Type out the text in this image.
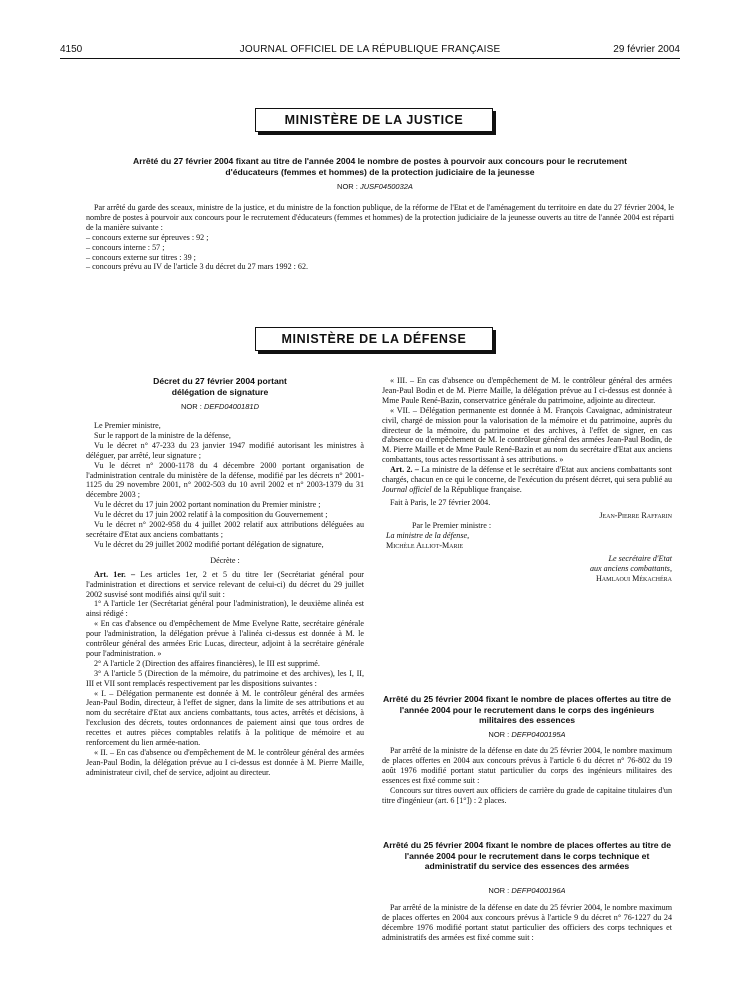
4150	JOURNAL OFFICIEL DE LA RÉPUBLIQUE FRANÇAISE	29 février 2004
MINISTÈRE DE LA JUSTICE
Arrêté du 27 février 2004 fixant au titre de l'année 2004 le nombre de postes à pourvoir aux concours pour le recrutement d'éducateurs (femmes et hommes) de la protection judiciaire de la jeunesse
NOR : JUSF0450032A

Par arrêté du garde des sceaux, ministre de la justice, et du ministre de la fonction publique, de la réforme de l'Etat et de l'aménagement du territoire en date du 27 février 2004, le nombre de postes à pourvoir aux concours pour le recrutement d'éducateurs (femmes et hommes) de la protection judiciaire de la jeunesse ouverts au titre de l'année 2004 est réparti de la manière suivante :

– concours externe sur épreuves : 92 ;

– concours interne : 57 ;

– concours externe sur titres : 39 ;

– concours prévu au IV de l'article 3 du décret du 27 mars 1992 : 62.

MINISTÈRE DE LA DÉFENSE
Décret du 27 février 2004 portant délégation de signature
NOR : DEFD0400181D

Le Premier ministre,

Sur le rapport de la ministre de la défense,

Vu le décret n° 47-233 du 23 janvier 1947 modifié autorisant les ministres à déléguer, par arrêté, leur signature ;

Vu le décret n° 2000-1178 du 4 décembre 2000 portant organisation de l'administration centrale du ministère de la défense, modifié par les décrets n° 2001-1125 du 29 novembre 2001, n° 2002-503 du 10 avril 2002 et n° 2003-1379 du 31 décembre 2003 ;

Vu le décret du 17 juin 2002 portant nomination du Premier ministre ;

Vu le décret du 17 juin 2002 relatif à la composition du Gouvernement ;

Vu le décret n° 2002-958 du 4 juillet 2002 relatif aux attributions déléguées au secrétaire d'Etat aux anciens combattants ;

Vu le décret du 29 juillet 2002 modifié portant délégation de signature,

Décrète :

Art. 1er. – Les articles 1er, 2 et 5 du titre Ier (Secrétariat général pour l'administration et directions et service relevant de celui-ci) du décret du 29 juillet 2002 susvisé sont modifiés ainsi qu'il suit :

1° A l'article 1er (Secrétariat général pour l'administration), le deuxième alinéa est ainsi rédigé :

« En cas d'absence ou d'empêchement de Mme Evelyne Ratte, secrétaire générale pour l'administration, la délégation prévue à l'alinéa ci-dessus est donnée à M. le contrôleur général des armées Eric Lucas, directeur, adjoint à la secrétaire générale pour l'administration. »

2° A l'article 2 (Direction des affaires financières), le III est supprimé.

3° A l'article 5 (Direction de la mémoire, du patrimoine et des archives), les I, II, III et VII sont remplacés respectivement par les dispositions suivantes :

« I. – Délégation permanente est donnée à M. le contrôleur général des armées Jean-Paul Bodin, directeur, à l'effet de signer, dans la limite de ses attributions et au nom du secrétaire d'Etat aux anciens combattants, tous actes, arrêtés et décisions, à l'exclusion des décrets, toutes ordonnances de paiement ainsi que tous ordres de recettes et autres pièces comptables relatifs à la politique de mémoire et au renforcement du lien armée-nation.

« II. – En cas d'absence ou d'empêchement de M. le contrôleur général des armées Jean-Paul Bodin, la délégation prévue au I ci-dessus est donnée à M. Pierre Maille, administrateur civil, chef de service, adjoint au directeur.

« III. – En cas d'absence ou d'empêchement de M. le contrôleur général des armées Jean-Paul Bodin et de M. Pierre Maille, la délégation prévue au I ci-dessus est donnée à Mme Paule René-Bazin, conservatrice générale du patrimoine, adjointe au directeur.

« VII. – Délégation permanente est donnée à M. François Cavaignac, administrateur civil, chargé de mission pour la valorisation de la mémoire et du patrimoine, auprès du directeur de la mémoire, du patrimoine et des archives, à l'effet de signer, en cas d'absence ou d'empêchement de M. le contrôleur général des armées Jean-Paul Bodin, de M. Pierre Maille et de Mme Paule René-Bazin et au nom du secrétaire d'Etat aux anciens combattants, tous actes ressortissant à ses attributions. »

Art. 2. – La ministre de la défense et le secrétaire d'Etat aux anciens combattants sont chargés, chacun en ce qui le concerne, de l'exécution du présent décret, qui sera publié au Journal officiel de la République française.

Fait à Paris, le 27 février 2004.

Jean-Pierre Raffarin

Par le Premier ministre :

La ministre de la défense,

Michèle Alliot-Marie

Le secrétaire d'Etat

aux anciens combattants,

Hamlaoui Mékachéra

Arrêté du 25 février 2004 fixant le nombre de places offertes au titre de l'année 2004 pour le recrutement dans le corps des ingénieurs militaires des essences
NOR : DEFP0400195A

Par arrêté de la ministre de la défense en date du 25 février 2004, le nombre maximum de places offertes en 2004 aux concours prévus à l'article 6 du décret n° 76-802 du 19 août 1976 modifié portant statut particulier du corps des ingénieurs militaires des essences est fixé comme suit :

Concours sur titres ouvert aux officiers de carrière du grade de capitaine titulaires d'un titre d'ingénieur (art. 6 [1°]) : 2 places.

Arrêté du 25 février 2004 fixant le nombre de places offertes au titre de l'année 2004 pour le recrutement dans le corps technique et administratif du service des essences des armées
NOR : DEFP0400196A

Par arrêté de la ministre de la défense en date du 25 février 2004, le nombre maximum de places offertes en 2004 aux concours prévus à l'article 9 du décret n° 76-1227 du 24 décembre 1976 modifié portant statut particulier des officiers des corps techniques et administratifs des armées est fixé comme suit :
